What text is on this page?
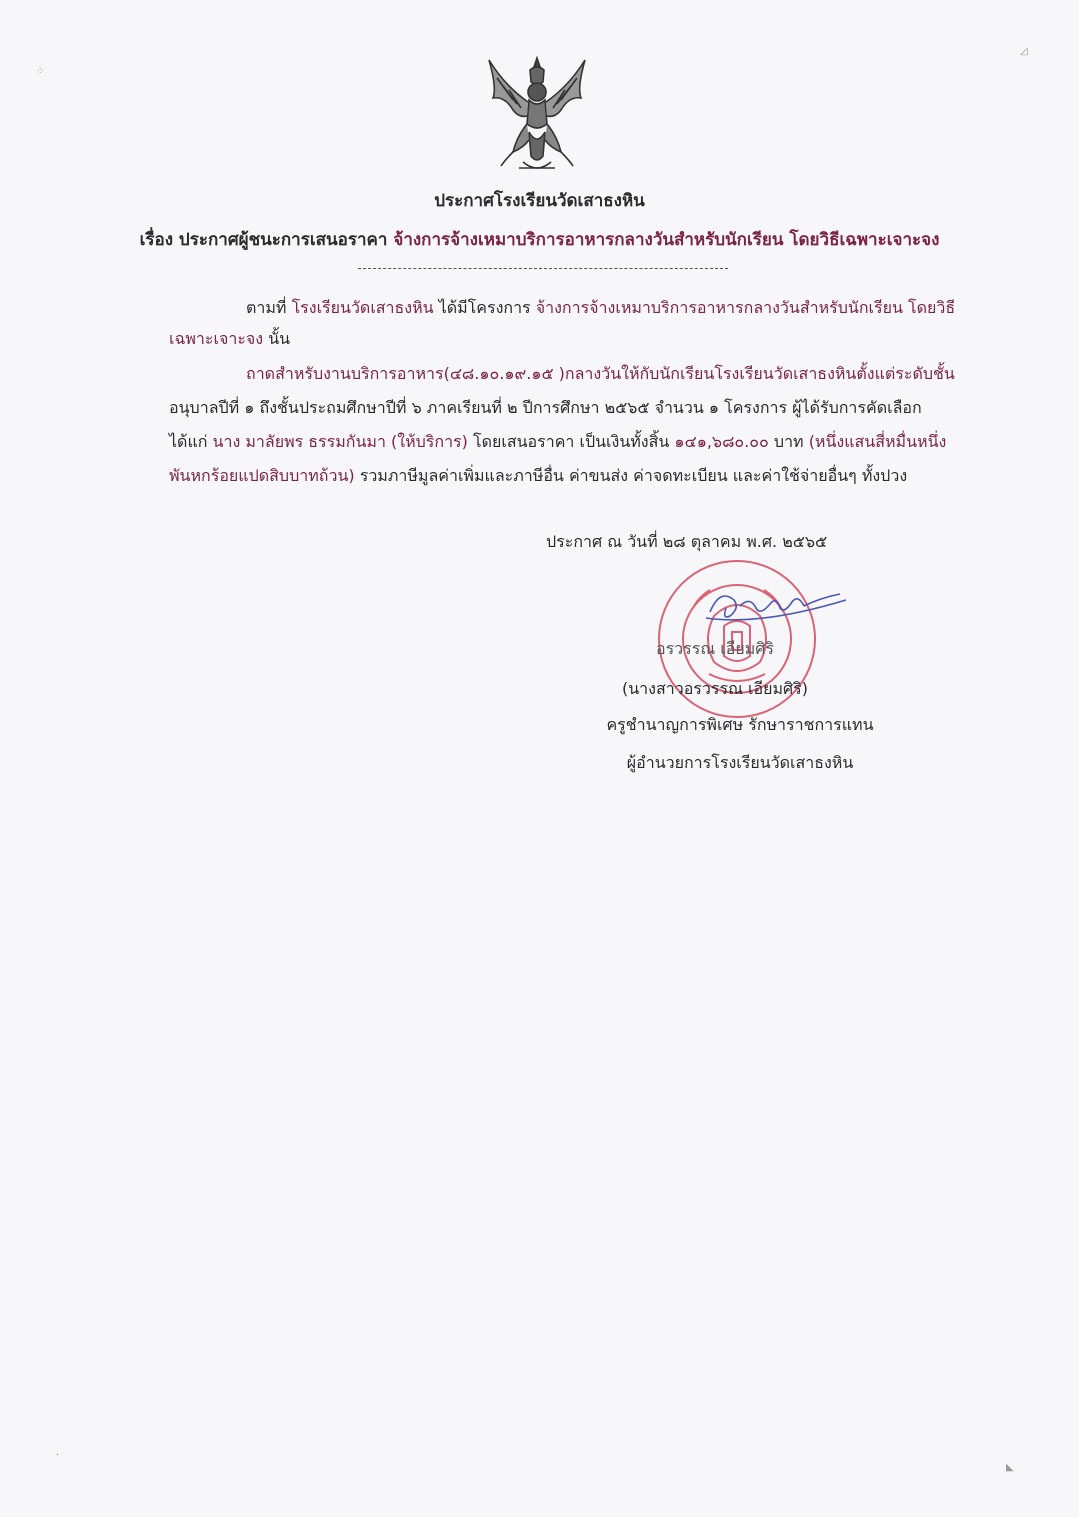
ประกาศโรงเรียนวัดเสาธงหิน
เรื่อง ประกาศผู้ชนะการเสนอราคา จ้างการจ้างเหมาบริการอาหารกลางวันสำหรับนักเรียน โดยวิธีเฉพาะเจาะจง
ตามที่ โรงเรียนวัดเสาธงหิน ได้มีโครงการ จ้างการจ้างเหมาบริการอาหารกลางวันสำหรับนักเรียน โดยวิธี
เฉพาะเจาะจง นั้น
ถาดสำหรับงานบริการอาหาร(๔๘.๑๐.๑๙.๑๕ )กลางวันให้กับนักเรียนโรงเรียนวัดเสาธงหินตั้งแต่ระดับชั้น
อนุบาลปีที่ ๑ ถึงชั้นประถมศึกษาปีที่ ๖ ภาคเรียนที่ ๒ ปีการศึกษา ๒๕๖๕ จำนวน ๑ โครงการ ผู้ได้รับการคัดเลือก
ได้แก่ นาง มาลัยพร ธรรมกันมา (ให้บริการ) โดยเสนอราคา เป็นเงินทั้งสิ้น ๑๔๑,๖๘๐.๐๐ บาท (หนึ่งแสนสี่หมื่นหนึ่ง
พันหกร้อยแปดสิบบาทถ้วน) รวมภาษีมูลค่าเพิ่มและภาษีอื่น ค่าขนส่ง ค่าจดทะเบียน และค่าใช้จ่ายอื่นๆ ทั้งปวง
ประกาศ ณ วันที่ ๒๘ ตุลาคม พ.ศ. ๒๕๖๕
อรวรรณ เอียมศิริ
(นางสาวอรวรรณ เอียมศิริ)
ครูชำนาญการพิเศษ รักษาราชการแทน
ผู้อำนวยการโรงเรียนวัดเสาธงหิน
⁘
◿
·
◣
